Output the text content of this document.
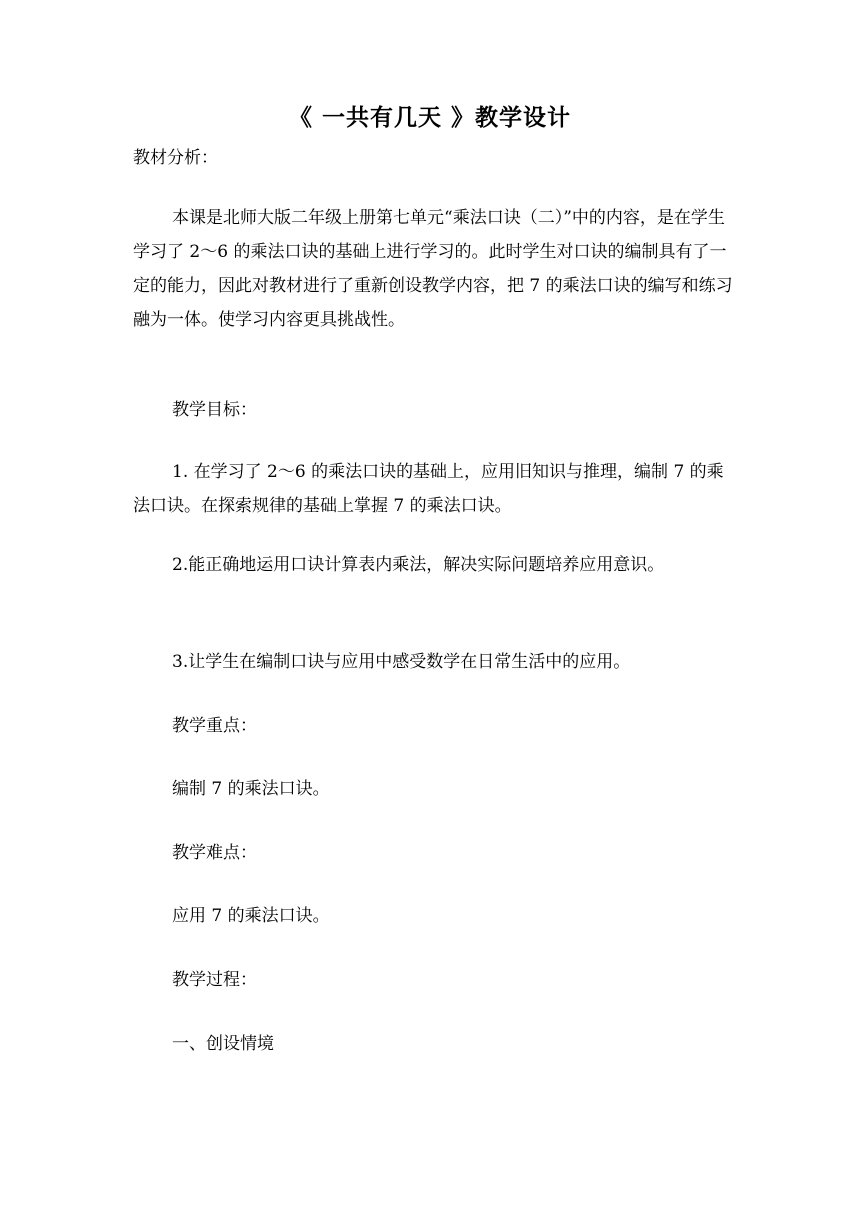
《 一共有几天 》教学设计
教材分析：
本课是北师大版二年级上册第七单元“乘法口诀（二）”中的内容，是在学生学习了 2～6 的乘法口诀的基础上进行学习的。此时学生对口诀的编制具有了一定的能力，因此对教材进行了重新创设教学内容，把 7 的乘法口诀的编写和练习融为一体。使学习内容更具挑战性。
教学目标：
1. 在学习了 2～6 的乘法口诀的基础上，应用旧知识与推理，编制 7 的乘法口诀。在探索规律的基础上掌握 7 的乘法口诀。
2.能正确地运用口诀计算表内乘法，解决实际问题培养应用意识。
3.让学生在编制口诀与应用中感受数学在日常生活中的应用。
教学重点：
编制 7 的乘法口诀。
教学难点：
应用 7 的乘法口诀。
教学过程：
一、创设情境
